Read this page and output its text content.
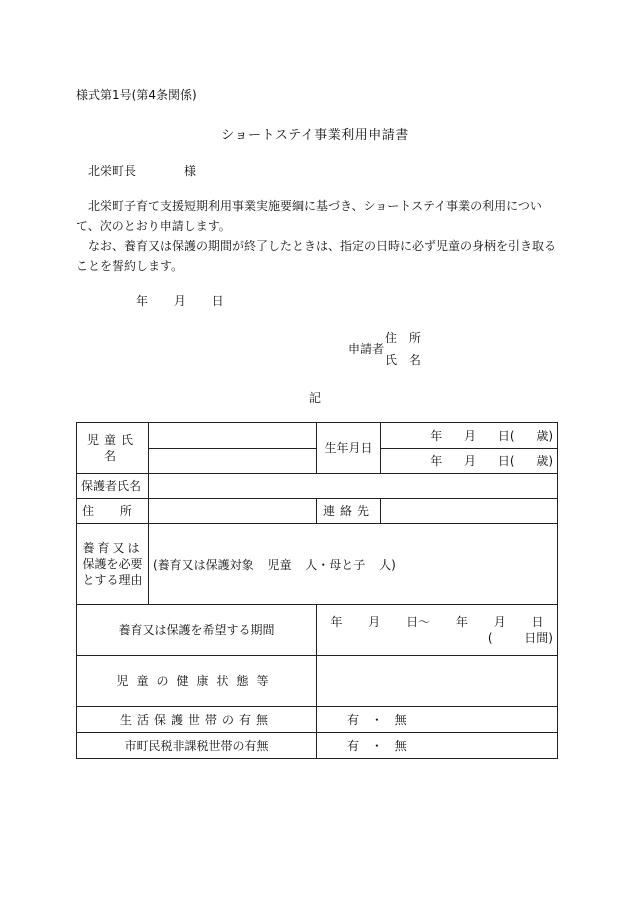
様式第1号(第4条関係)
ショートステイ事業利用申請書
北栄町長	様
　北栄町子育て支援短期利用事業実施要綱に基づき、ショートステイ事業の利用について、次のとおり申請します。
　なお、養育又は保護の期間が終了したときは、指定の日時に必ず児童の身柄を引き取ることを誓約します。
年 月 日
申請者
住 所
氏 名
記
児童氏名		生年月日	年 月 日( 歳)
			年 月 日( 歳)
保護者氏名			
住 所		連絡先	
養育又は
保護を必要
とする理由	(養育又は保護対象 児童 人・母と子 人)		
養育又は保護を希望する期間		年 月 日〜 年 月 日
( 日間)	

児童の健康状態等			
生活保護世帯の有無		有 ・ 無	
市町民税非課税世帯の有無		有 ・ 無	
